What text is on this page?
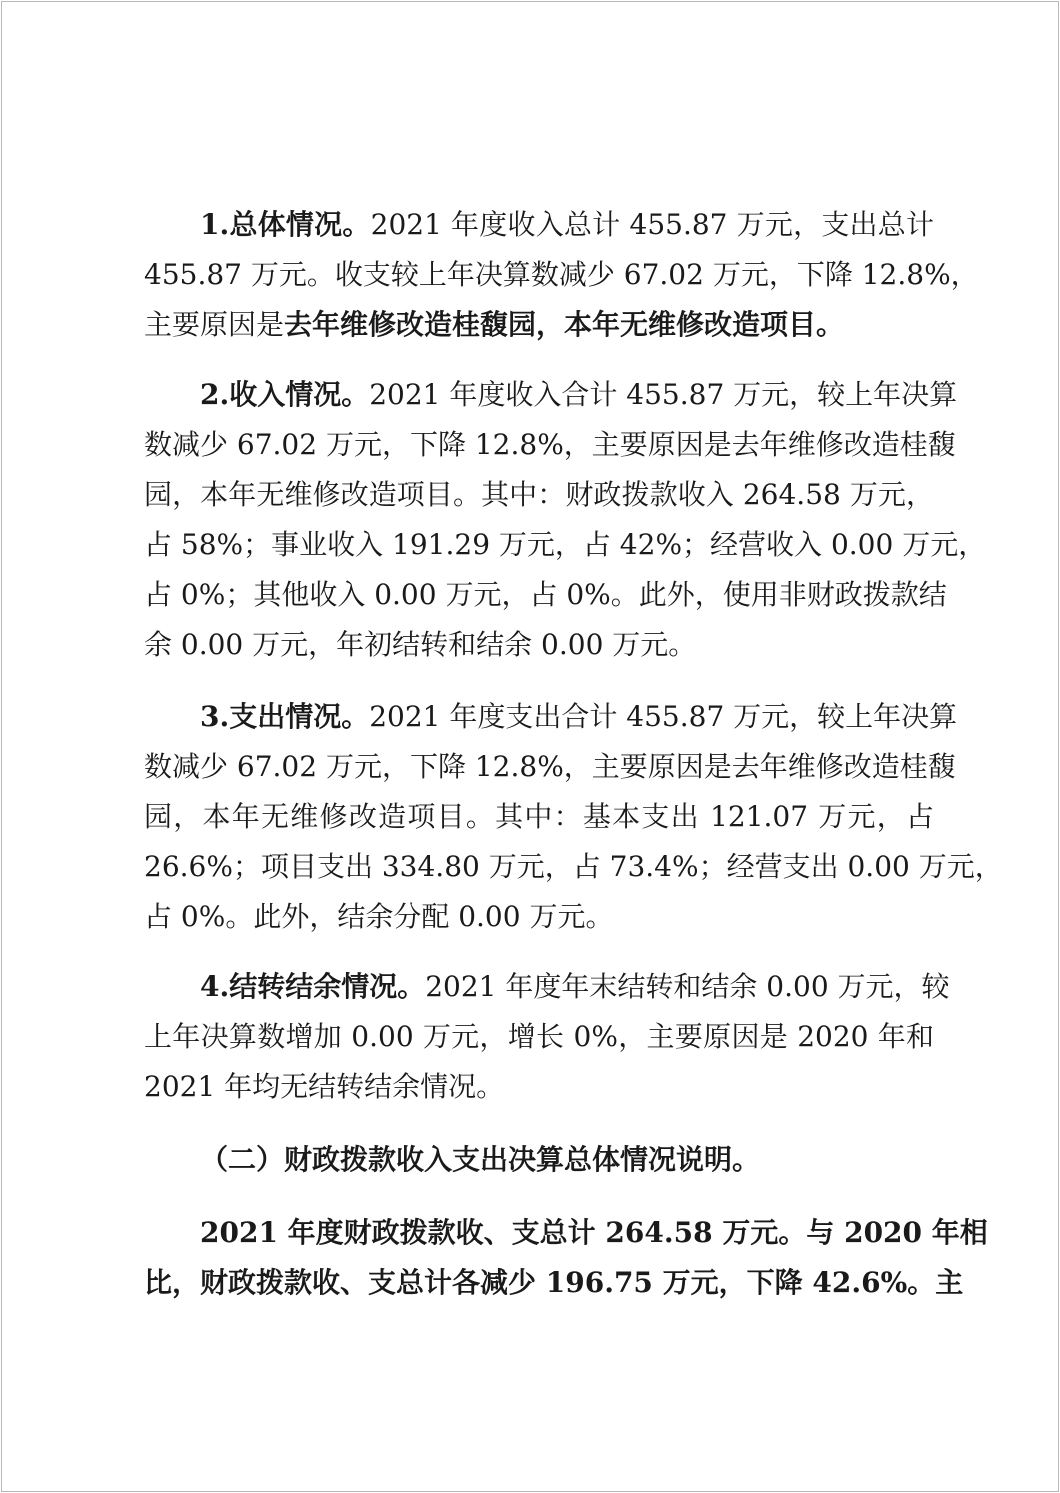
1.总体情况。2021 年度收入总计 455.87 万元，支出总计
455.87 万元。收支较上年决算数减少 67.02 万元，下降 12.8%，
主要原因是去年维修改造桂馥园，本年无维修改造项目。
2.收入情况。2021 年度收入合计 455.87 万元，较上年决算
数减少 67.02 万元，下降 12.8%，主要原因是去年维修改造桂馥
园，本年无维修改造项目。其中：财政拨款收入 264.58 万元，
占 58%；事业收入 191.29 万元，占 42%；经营收入 0.00 万元，
占 0%；其他收入 0.00 万元，占 0%。此外，使用非财政拨款结
余 0.00 万元，年初结转和结余 0.00 万元。
3.支出情况。2021 年度支出合计 455.87 万元，较上年决算
数减少 67.02 万元，下降 12.8%，主要原因是去年维修改造桂馥
园，本年无维修改造项目。其中：基本支出 121.07 万元，占
26.6%；项目支出 334.80 万元，占 73.4%；经营支出 0.00 万元，
占 0%。此外，结余分配 0.00 万元。
4.结转结余情况。2021 年度年末结转和结余 0.00 万元，较
上年决算数增加 0.00 万元，增长 0%，主要原因是 2020 年和
2021 年均无结转结余情况。
（二）财政拨款收入支出决算总体情况说明。
2021 年度财政拨款收、支总计 264.58 万元。与 2020 年相
比，财政拨款收、支总计各减少 196.75 万元，下降 42.6%。主
